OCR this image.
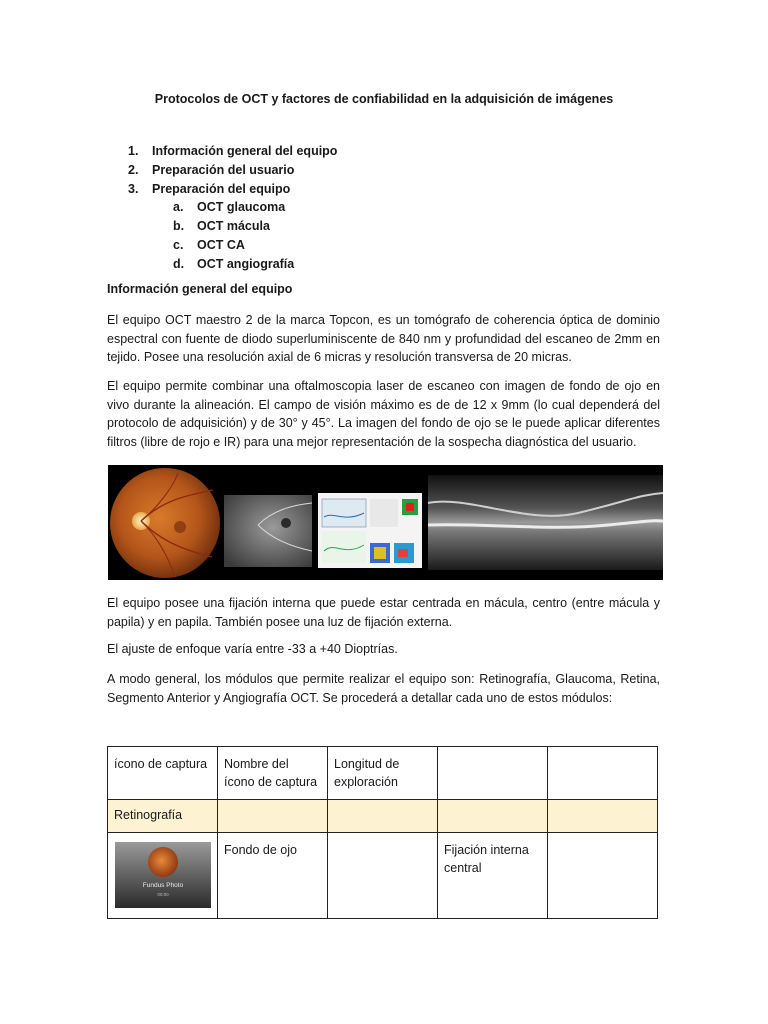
Protocolos de OCT y factores de confiabilidad en la adquisición de imágenes
1. Información general del equipo
2. Preparación del usuario
3. Preparación del equipo
a. OCT glaucoma
b. OCT mácula
c. OCT CA
d. OCT angiografía
Información general del equipo

El equipo OCT maestro 2 de la marca Topcon, es un tomógrafo de coherencia óptica de dominio espectral con fuente de diodo superluminiscente de 840 nm y profundidad del escaneo de 2mm en tejido. Posee una resolución axial de 6 micras y resolución transversa de 20 micras.

El equipo permite combinar una oftalmoscopia laser de escaneo con imagen de fondo de ojo en vivo durante la alineación. El campo de visión máximo es de de 12 x 9mm (lo cual dependerá del protocolo de adquisición) y de 30° y 45°. La imagen del fondo de ojo se le puede aplicar diferentes filtros (libre de rojo e IR) para una mejor representación de la sospecha diagnóstica del usuario.

El equipo posee una fijación interna que puede estar centrada en mácula, centro (entre mácula y papila) y en papila. También posee una luz de fijación externa.

El ajuste de enfoque varía entre -33 a +40 Dioptrías.

A modo general, los módulos que permite realizar el equipo son: Retinografía, Glaucoma, Retina, Segmento Anterior y Angiografía OCT. Se procederá a detallar cada uno de estos módulos:

ícono de captura	Nombre del ícono de captura	Longitud de exploración		
Retinografía				

Fundus Photo
00:00	Fondo de ojo		Fijación interna central	
